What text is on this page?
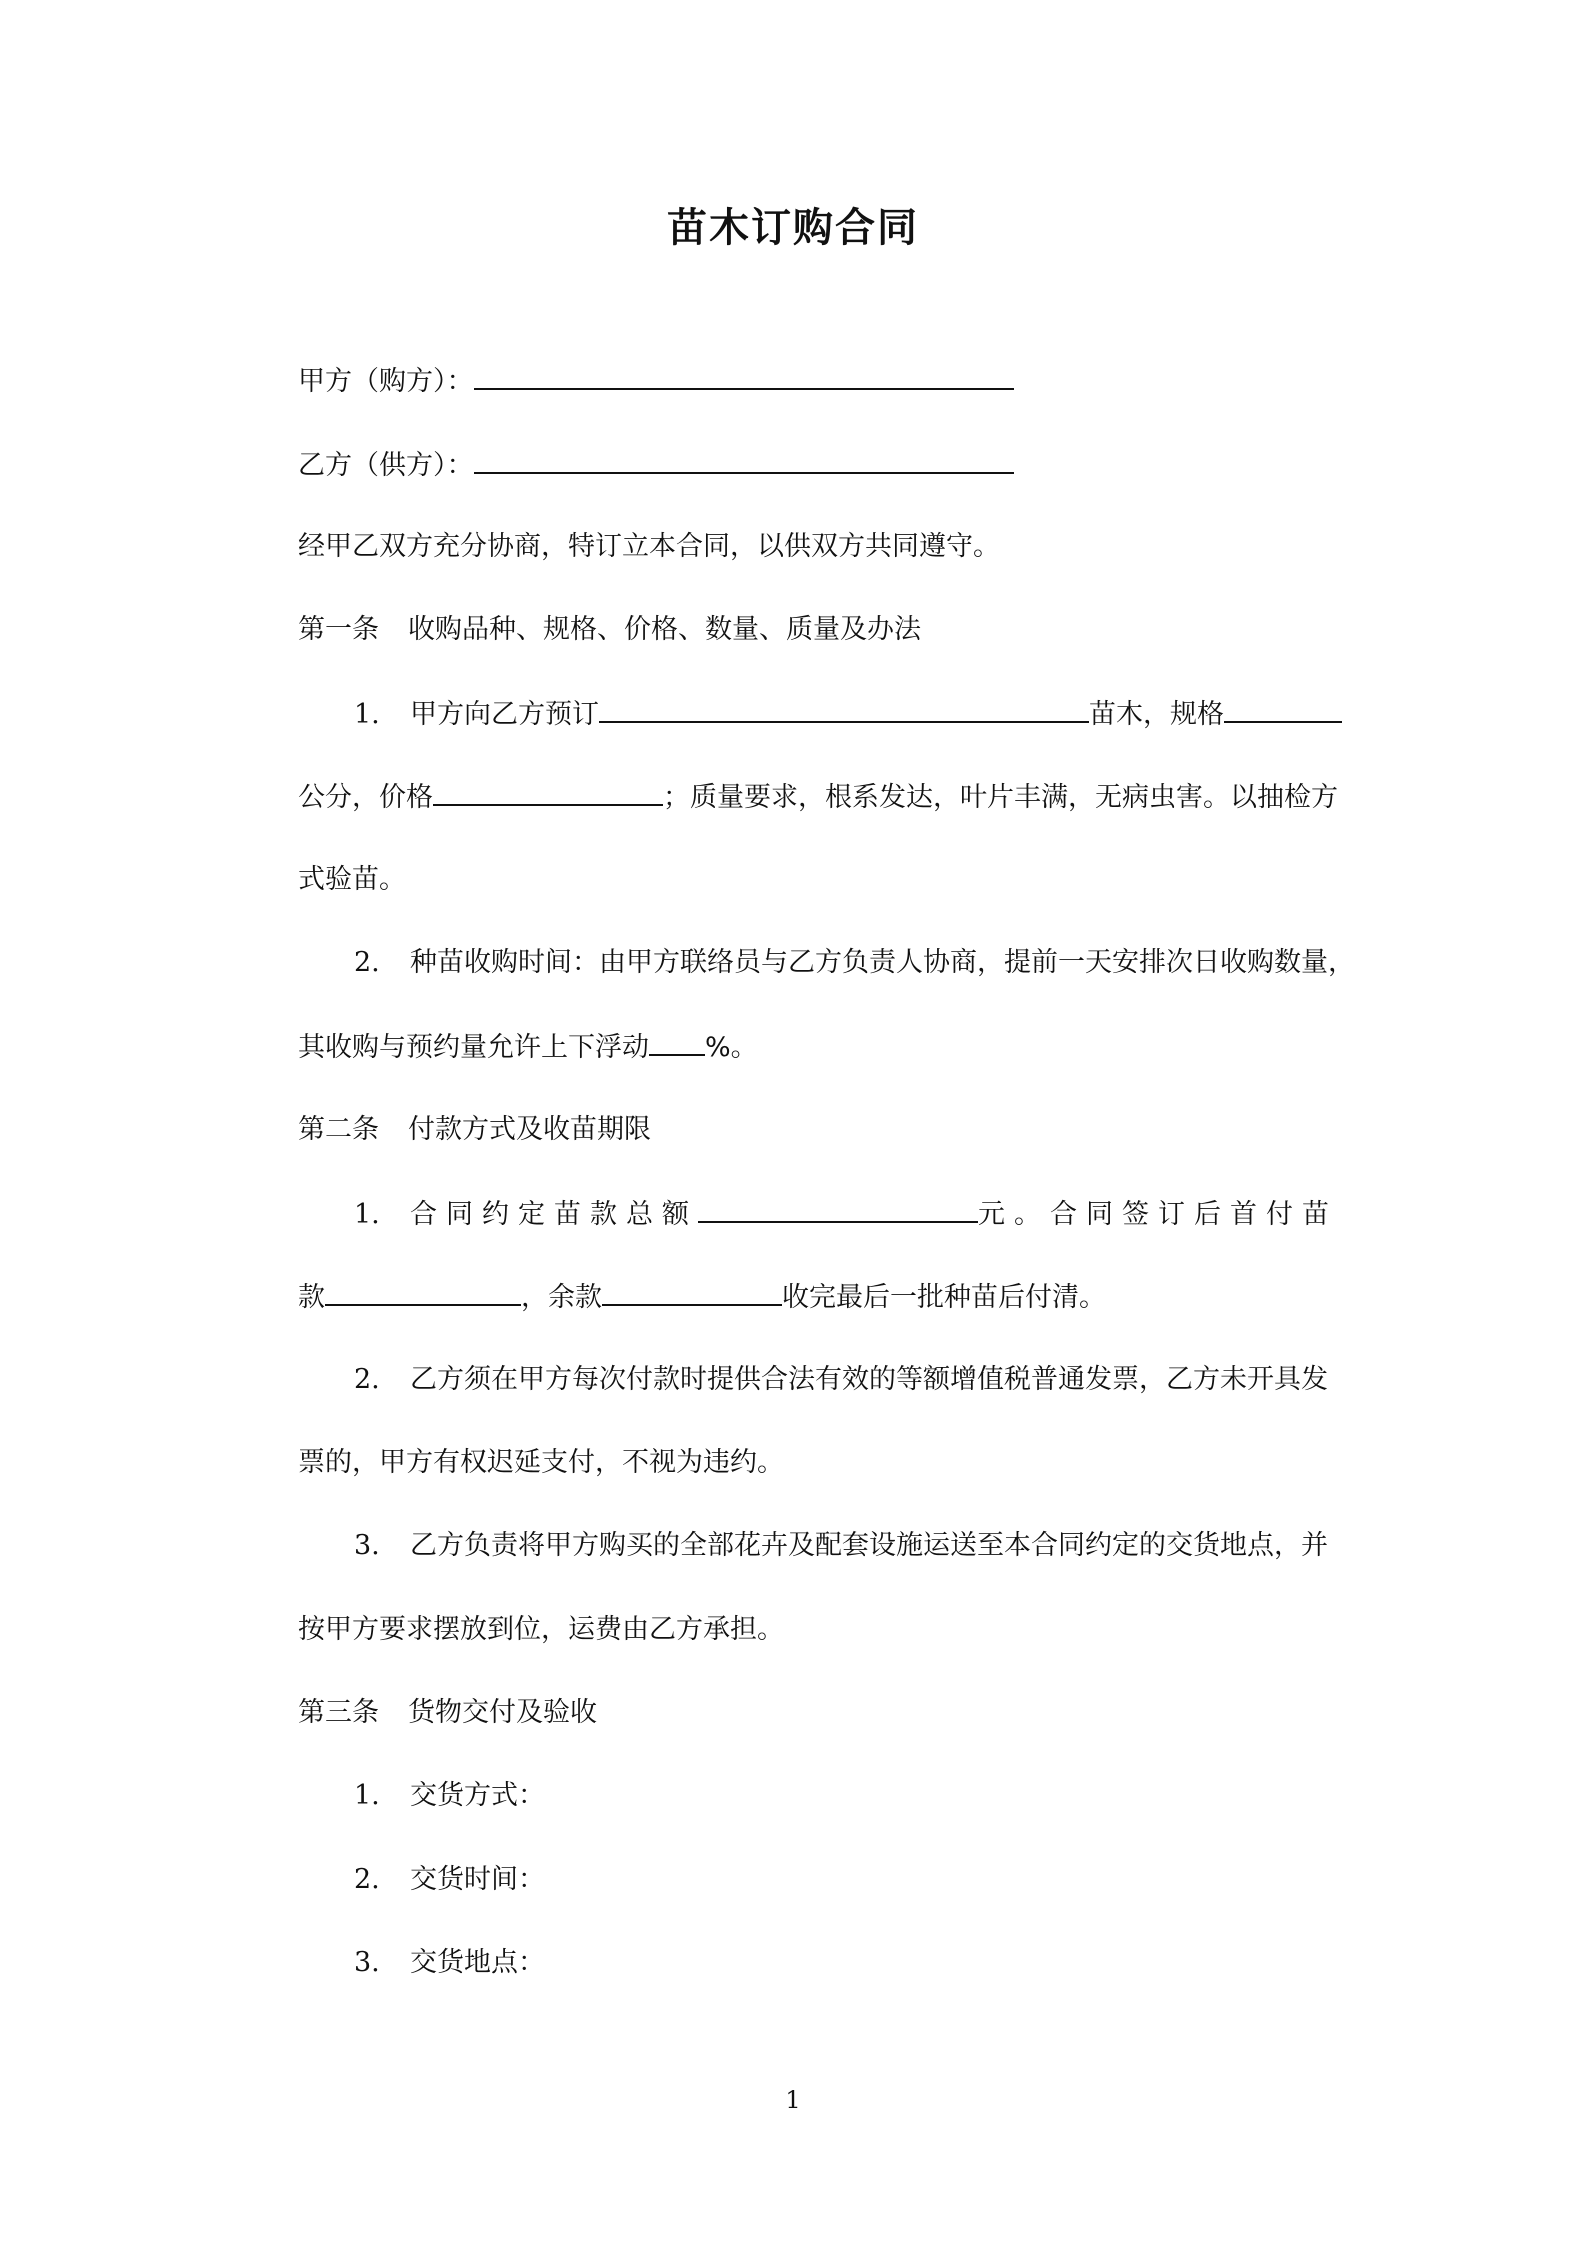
苗木订购合同
甲方（购方）：
乙方（供方）：
经甲乙双方充分协商，特订立本合同，以供双方共同遵守。
第一条 收购品种、规格、价格、数量、质量及办法
1. 甲方向乙方预订	苗木，规格
公分，价格	；质量要求，根系发达，叶片丰满，无病虫害。以抽检方
式验苗。
2. 种苗收购时间：由甲方联络员与乙方负责人协商，提前一天安排次日收购数量，
其收购与预约量允许上下浮动 %。
第二条 付款方式及收苗期限
1. 合同约定苗款总额	元。合同签订后首付苗
款	，余款	收完最后一批种苗后付清。
2. 乙方须在甲方每次付款时提供合法有效的等额增值税普通发票，乙方未开具发
票的，甲方有权迟延支付，不视为违约。
3. 乙方负责将甲方购买的全部花卉及配套设施运送至本合同约定的交货地点，并
按甲方要求摆放到位，运费由乙方承担。
第三条 货物交付及验收
1. 交货方式：
2. 交货时间：
3. 交货地点：
1
